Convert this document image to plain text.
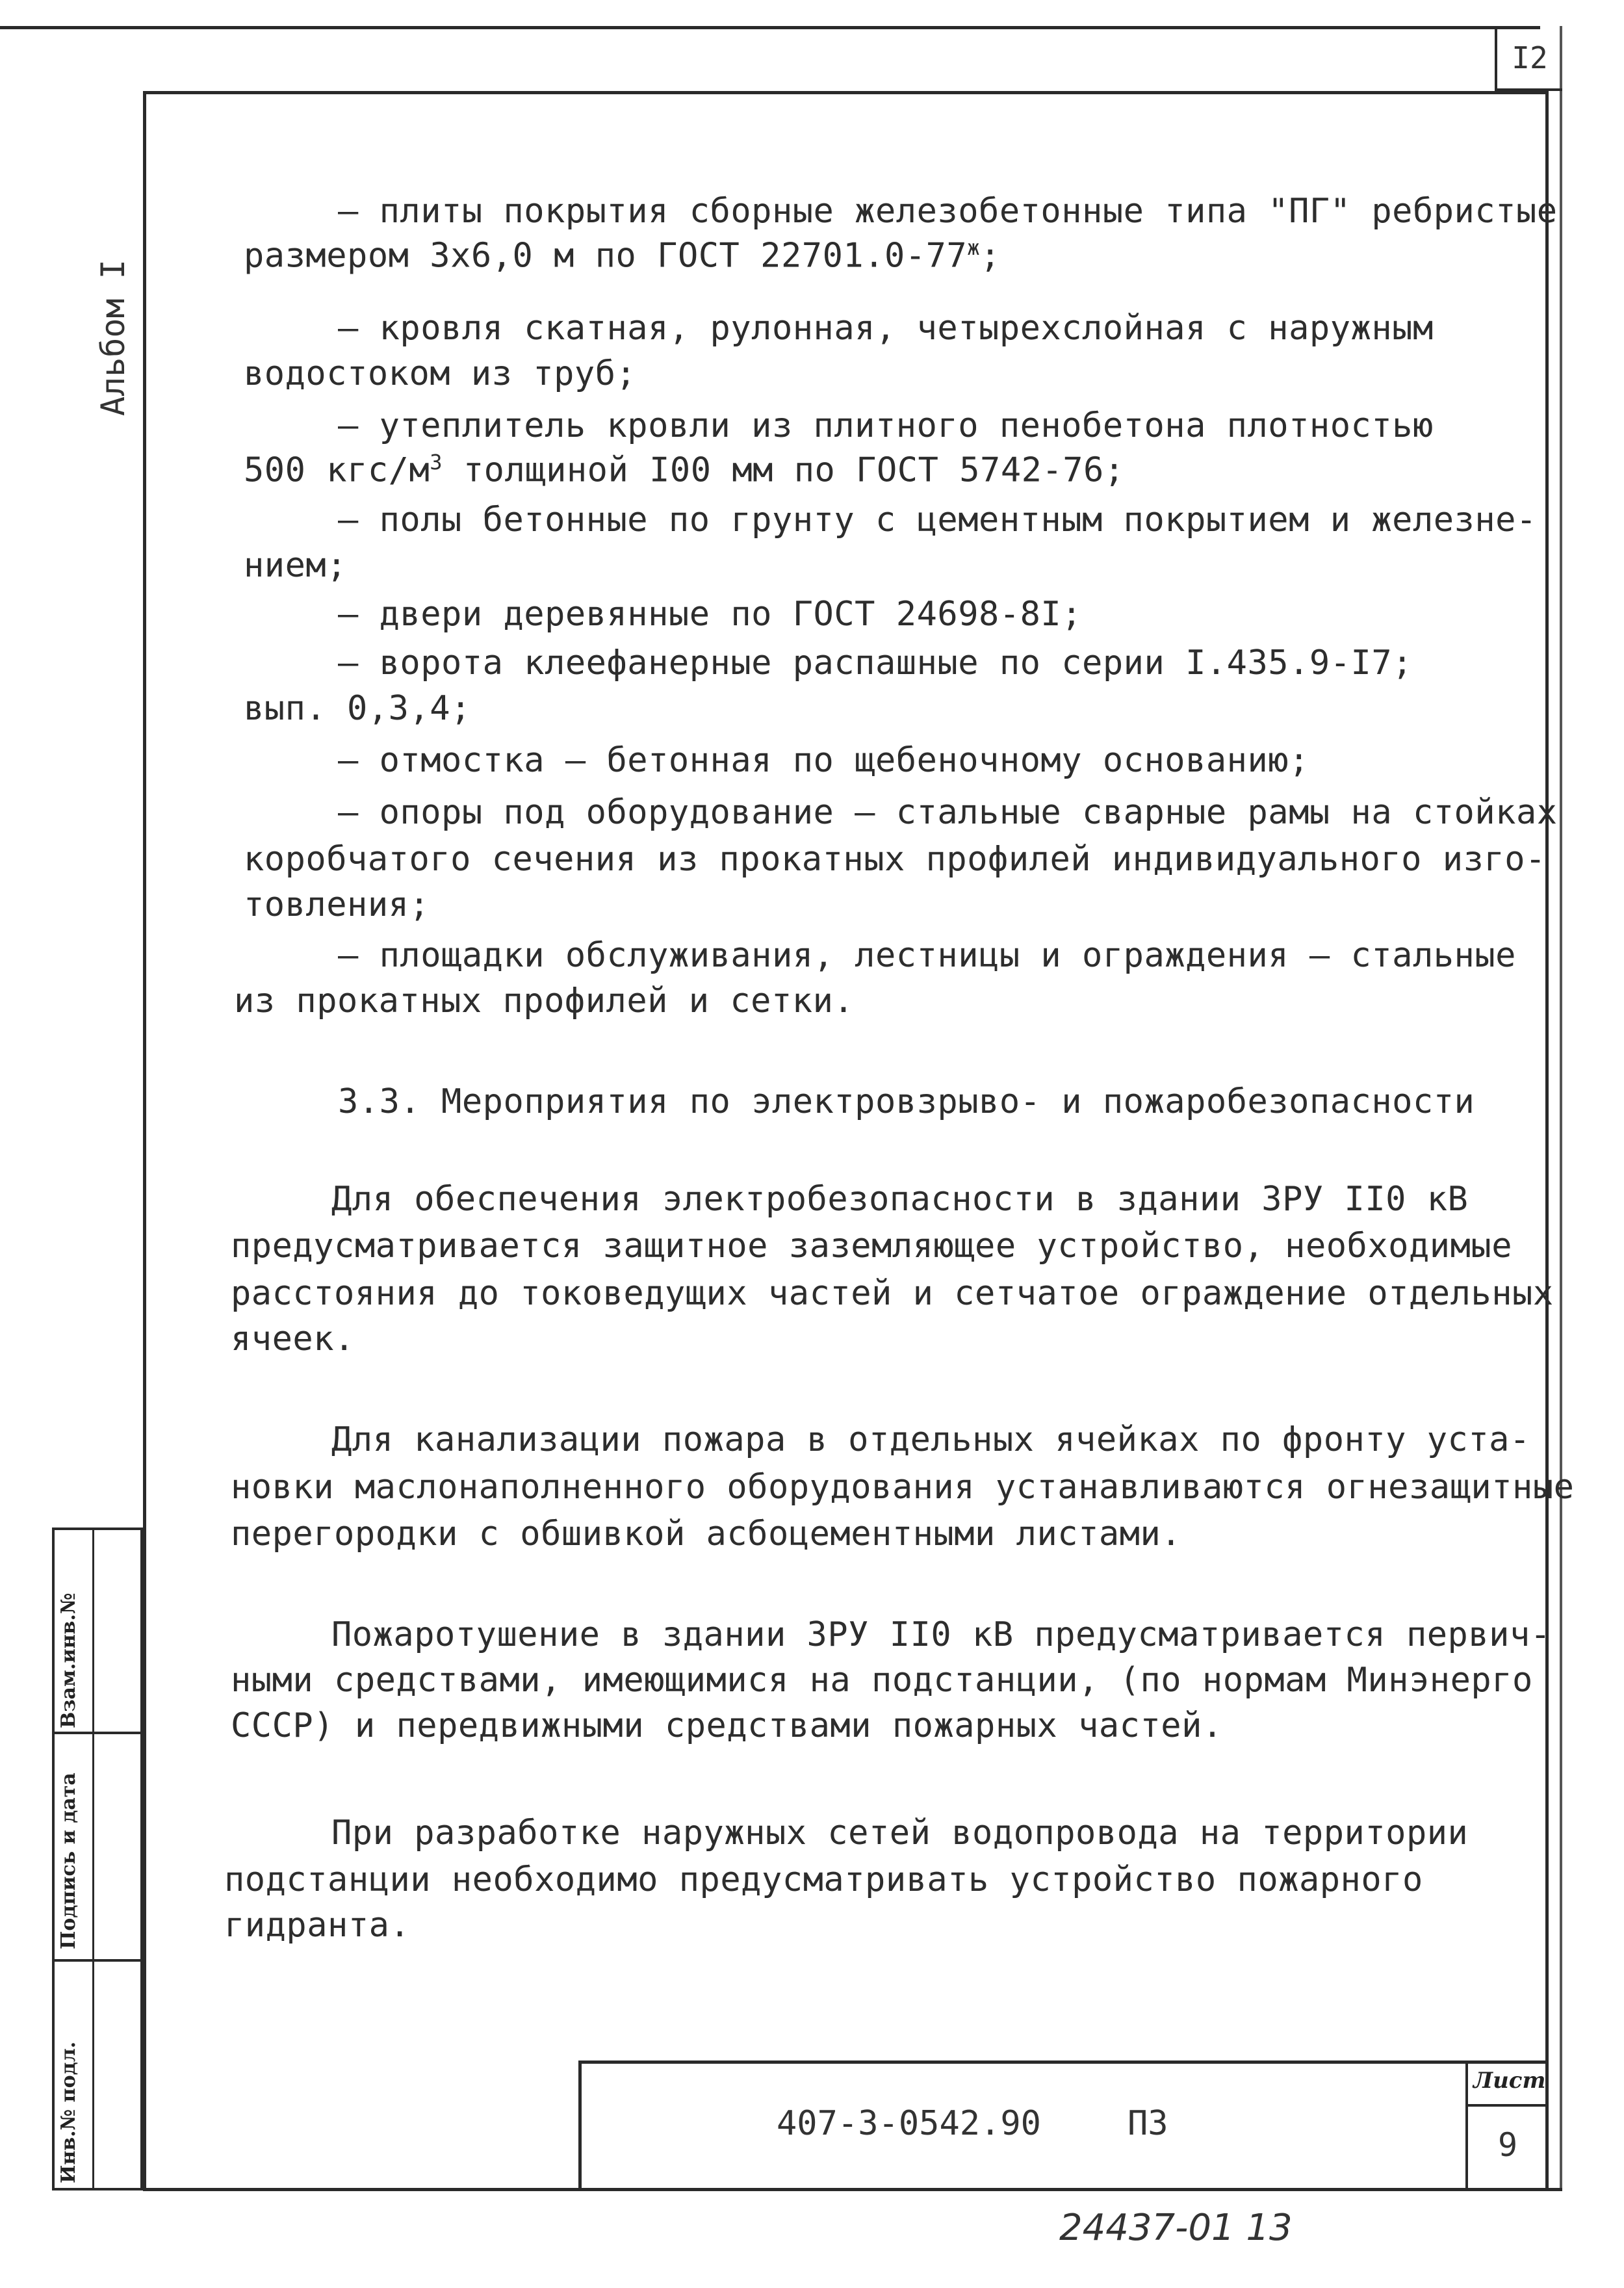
I2
Альбом I
Взам.инв.№
Подпись и дата
Инв.№ подл.
– плиты покрытия сборные железобетонные типа "ПГ" ребристые
размером 3х6,0 м по ГОСТ $22701.0-77^ж$;
– кровля скатная, рулонная, четырехслойная с наружным
водостоком из труб;
– утеплитель кровли из плитного пенобетона плотностью
500 кгс/$м^3$ толщиной I00 мм по ГОСТ 5742-76;
– полы бетонные по грунту с цементным покрытием и железне-
нием;
– двери деревянные по ГОСТ 24698-8I;
– ворота клеефанерные распашные по серии I.435.9-I7;
вып. 0,3,4;
– отмостка – бетонная по щебеночному основанию;
– опоры под оборудование – стальные сварные рамы на стойках
коробчатого сечения из прокатных профилей индивидуального изго-
товления;
– площадки обслуживания, лестницы и ограждения – стальные
из прокатных профилей и сетки.
3.3. Мероприятия по электровзрыво- и пожаробезопасности
Для обеспечения электробезопасности в здании ЗРУ II0 кВ
предусматривается защитное заземляющее устройство, необходимые
расстояния до токоведущих частей и сетчатое ограждение отдельных
ячеек.
Для канализации пожара в отдельных ячейках по фронту уста-
новки маслонаполненного оборудования устанавливаются огнезащитные
перегородки с обшивкой асбоцементными листами.
Пожаротушение в здании ЗРУ II0 кВ предусматривается первич-
ными средствами, имеющимися на подстанции, (по нормам Минэнерго
СССР) и передвижными средствами пожарных частей.
При разработке наружных сетей водопровода на территории
подстанции необходимо предусматривать устройство пожарного
гидранта.
407-3-0542.90	ПЗ
Лист
9
24437-01 13
